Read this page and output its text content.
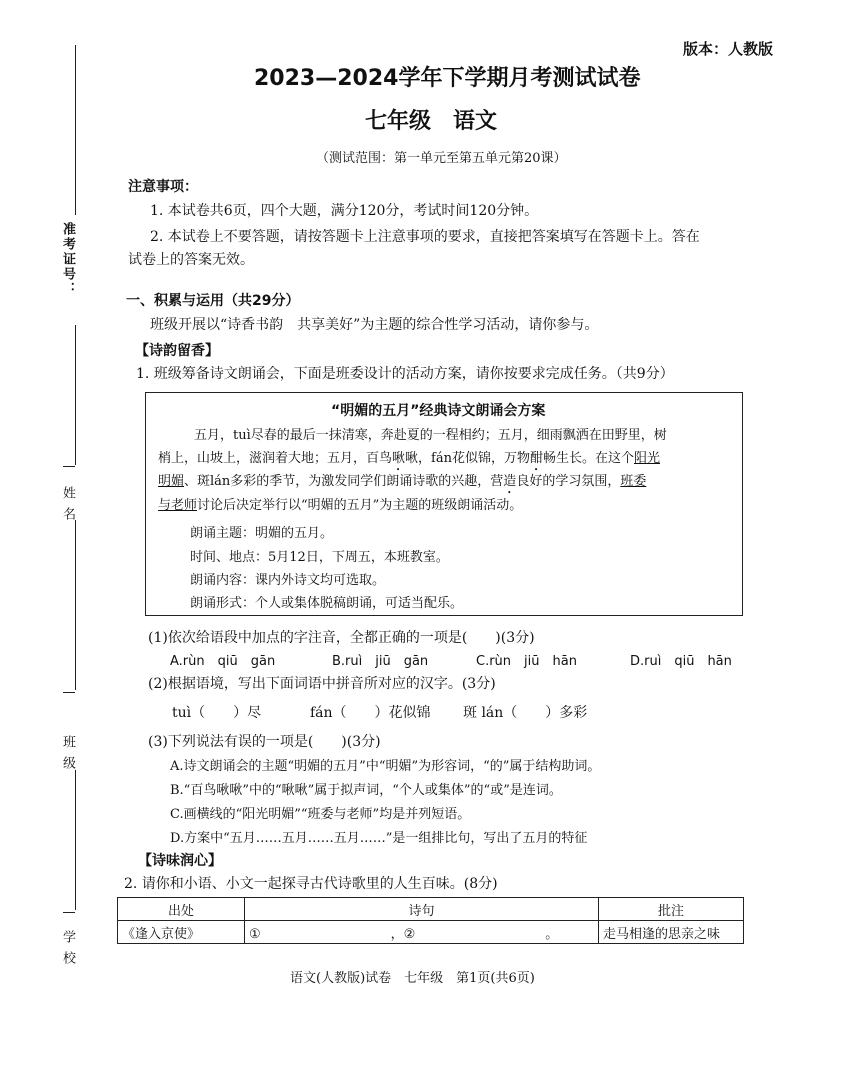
准考证号：
姓 名
班 级
学 校
版本：人教版
2023—2024学年下学期月考测试试卷
七年级　语文
（测试范围：第一单元至第五单元第20课）
注意事项：
1. 本试卷共6页，四个大题，满分120分，考试时间120分钟。
2. 本试卷上不要答题，请按答题卡上注意事项的要求，直接把答案填写在答题卡上。答在
试卷上的答案无效。
一、积累与运用（共29分）
班级开展以“诗香书韵　共享美好”为主题的综合性学习活动，请你参与。
【诗韵留香】
1. 班级筹备诗文朗诵会，下面是班委设计的活动方案，请你按要求完成任务。（共9分）
“明媚的五月”经典诗文朗诵会方案
五月，tuì尽春的最后一抹清寒，奔赴夏的一程相约；五月，细雨飘洒在田野里，树
梢上，山坡上，滋润着大地；五月，百鸟啾啾，fán花似锦，万物酣畅生长。在这个阳光
明媚、斑lán多彩的季节，为激发同学们朗诵诗歌的兴趣，营造良好的学习氛围，班委
与老师讨论后决定举行以“明媚的五月”为主题的班级朗诵活动。
朗诵主题：明媚的五月。
时间、地点：5月12日，下周五，本班教室。
朗诵内容：课内外诗文均可选取。
朗诵形式：个人或集体脱稿朗诵，可适当配乐。
(1)依次给语段中加点的字注音，全都正确的一项是(　　)(3分)
A.rùn　qiū　gān	B.ruì　jiū　gān	C.rùn　jiū　hān	D.ruì　qiū　hān
(2)根据语境，写出下面词语中拼音所对应的汉字。(3分)
tuì（　　）尽	fán（　　）花似锦 斑 lán（　　）多彩
(3)下列说法有误的一项是(　　)(3分)
A.诗文朗诵会的主题“明媚的五月”中“明媚”为形容词，“的”属于结构助词。
B.“百鸟啾啾”中的“啾啾”属于拟声词，“个人或集体”的“或”是连词。
C.画横线的“阳光明媚”“班委与老师”均是并列短语。
D.方案中“五月……五月……五月……”是一组排比句，写出了五月的特征
【诗味润心】
2. 请你和小语、小文一起探寻古代诗歌里的人生百味。(8分)
出处	诗句	批注
《逢入京使》	①　　　　　　　　　　，②　　　　　　　　　　。	走马相逢的思亲之味
语文(人教版)试卷　七年级　第1页(共6页)
